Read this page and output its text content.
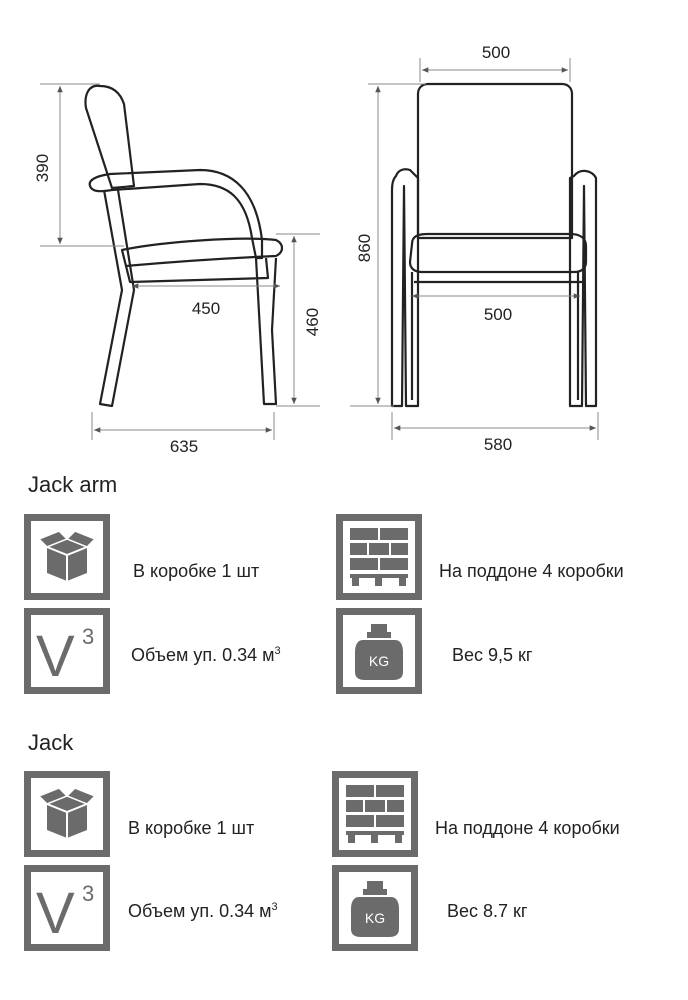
390
450	460
635
500
860
500
580
Jack arm
В коробке 1 шт	На поддоне 4 коробки
V 3
Объем уп. 0.34 $м^3$
KG	Вес 9,5 кг
Jack
В коробке 1 шт	На поддоне 4 коробки
V 3
Объем уп. 0.34 $м^3$
KG	Вес 8.7 кг
